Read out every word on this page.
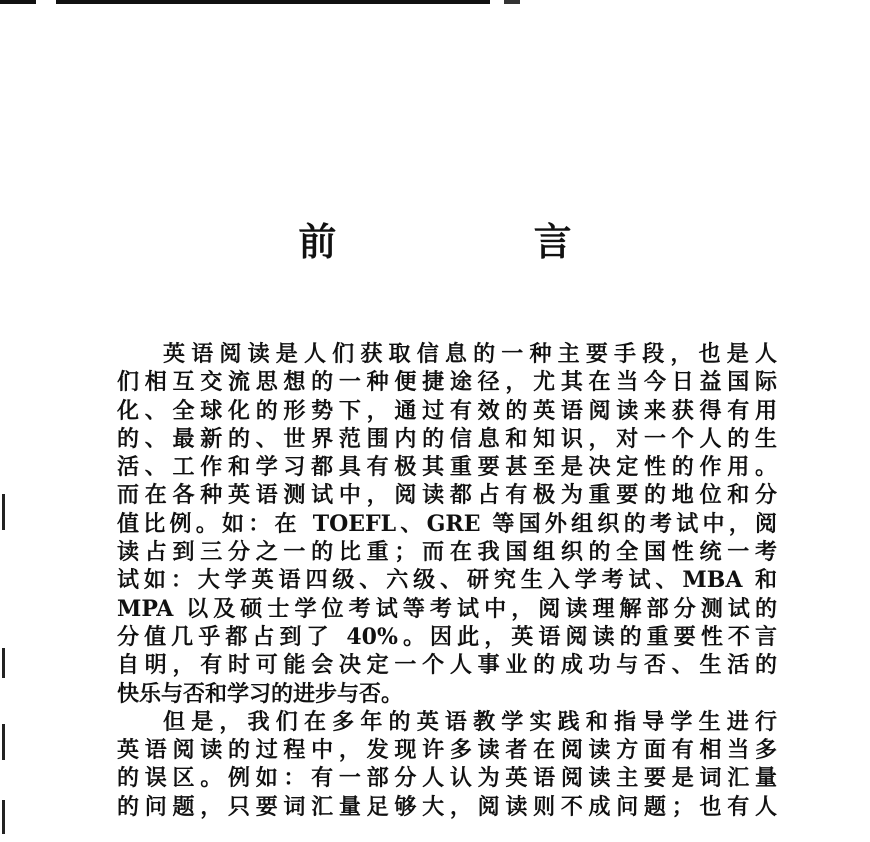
前 言
英语阅读是人们获取信息的一种主要手段，也是人
们相互交流思想的一种便捷途径，尤其在当今日益国际
化、全球化的形势下，通过有效的英语阅读来获得有用
的、最新的、世界范围内的信息和知识，对一个人的生
活、工作和学习都具有极其重要甚至是决定性的作用。
而在各种英语测试中，阅读都占有极为重要的地位和分
值比例。如：在 TOEFL、GRE 等国外组织的考试中，阅
读占到三分之一的比重；而在我国组织的全国性统一考
试如：大学英语四级、六级、研究生入学考试、MBA 和
MPA 以及硕士学位考试等考试中，阅读理解部分测试的
分值几乎都占到了 40%。因此，英语阅读的重要性不言
自明，有时可能会决定一个人事业的成功与否、生活的
快乐与否和学习的进步与否。
但是，我们在多年的英语教学实践和指导学生进行
英语阅读的过程中，发现许多读者在阅读方面有相当多
的误区。例如：有一部分人认为英语阅读主要是词汇量
的问题，只要词汇量足够大，阅读则不成问题；也有人
